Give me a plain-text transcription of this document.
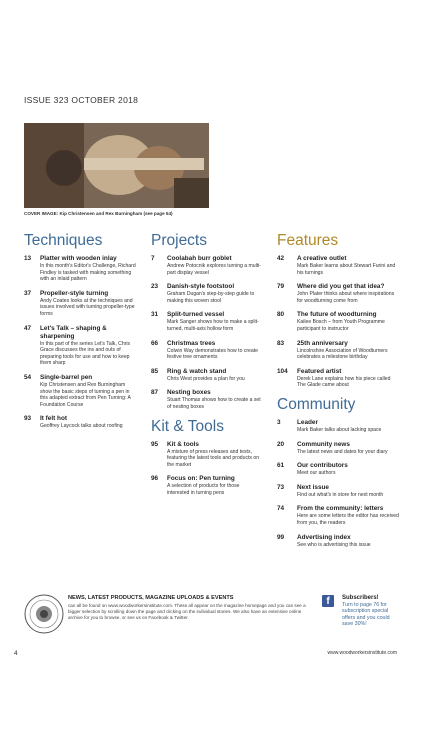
ISSUE 323 OCTOBER 2018
COVER IMAGE: Kip Christensen and Rex Burningham (see page 54)
Techniques
13	Platter with wooden inlay
In this month's Editor's Challenge, Richard Findley is tasked with making something with an inlaid pattern
37	Propeller-style turning
Andy Coates looks at the techniques and issues involved with turning propeller-type forms
47	Let's Talk – shaping & sharpening
In this part of the series Let's Talk, Chris Grace discusses the ins and outs of preparing tools for use and how to keep them sharp
54	Single-barrel pen
Kip Christensen and Rex Burningham show the basic steps of turning a pen in this adapted extract from Pen Turning: A Foundation Course
93	It felt hot
Geoffrey Laycock talks about roofing
Projects
7	Coolabah burr goblet
Andrew Potocnik explores turning a multi-part display vessel
23	Danish-style footstool
Graham Dugan's step-by-step guide to making this woven stool
31	Split-turned vessel
Mark Sanger shows how to make a split-turned, multi-axis hollow form
66	Christmas trees
Colwin Way demonstrates how to create festive tree ornaments
85	Ring & watch stand
Chris West provides a plan for you
87	Nesting boxes
Stuart Thomas shows how to create a set of nesting boxes
Kit & Tools
95	Kit & tools
A mixture of press releases and tests, featuring the latest tools and products on the market
96	Focus on: Pen turning
A selection of products for those interested in turning pens
Features
42	A creative outlet
Mark Baker learns about Stewart Furini and his turnings
79	Where did you get that idea?
John Plater thinks about where inspirations for woodturning come from
80	The future of woodturning
Kailee Bosch – from Youth Programme participant to instructor
83	25th anniversary
Lincolnshire Association of Woodturners celebrates a milestone birthday
104	Featured artist
Derek Lane explains how his piece called The Glade came about
Community
3	Leader
Mark Baker talks about lacking space
20	Community news
The latest news and dates for your diary
61	Our contributors
Meet our authors
73	Next issue
Find out what's in store for next month
74	From the community: letters
Here are some letters the editor has received from you, the readers
99	Advertising index
See who is advertising this issue
NEWS, LATEST PRODUCTS, MAGAZINE UPLOADS & EVENTS
can all be found on www.woodworkersinstitute.com. These all appear on the magazine homepage and you can see a bigger selection by scrolling down the page and clicking on the individual stories. We also have an extensive online archive for you to browse, or see us on Facebook & Twitter.
f	Subscribers!
Turn to page 76 for subscription special offers and you could save 30%!
4	www.woodworkersinstitute.com
